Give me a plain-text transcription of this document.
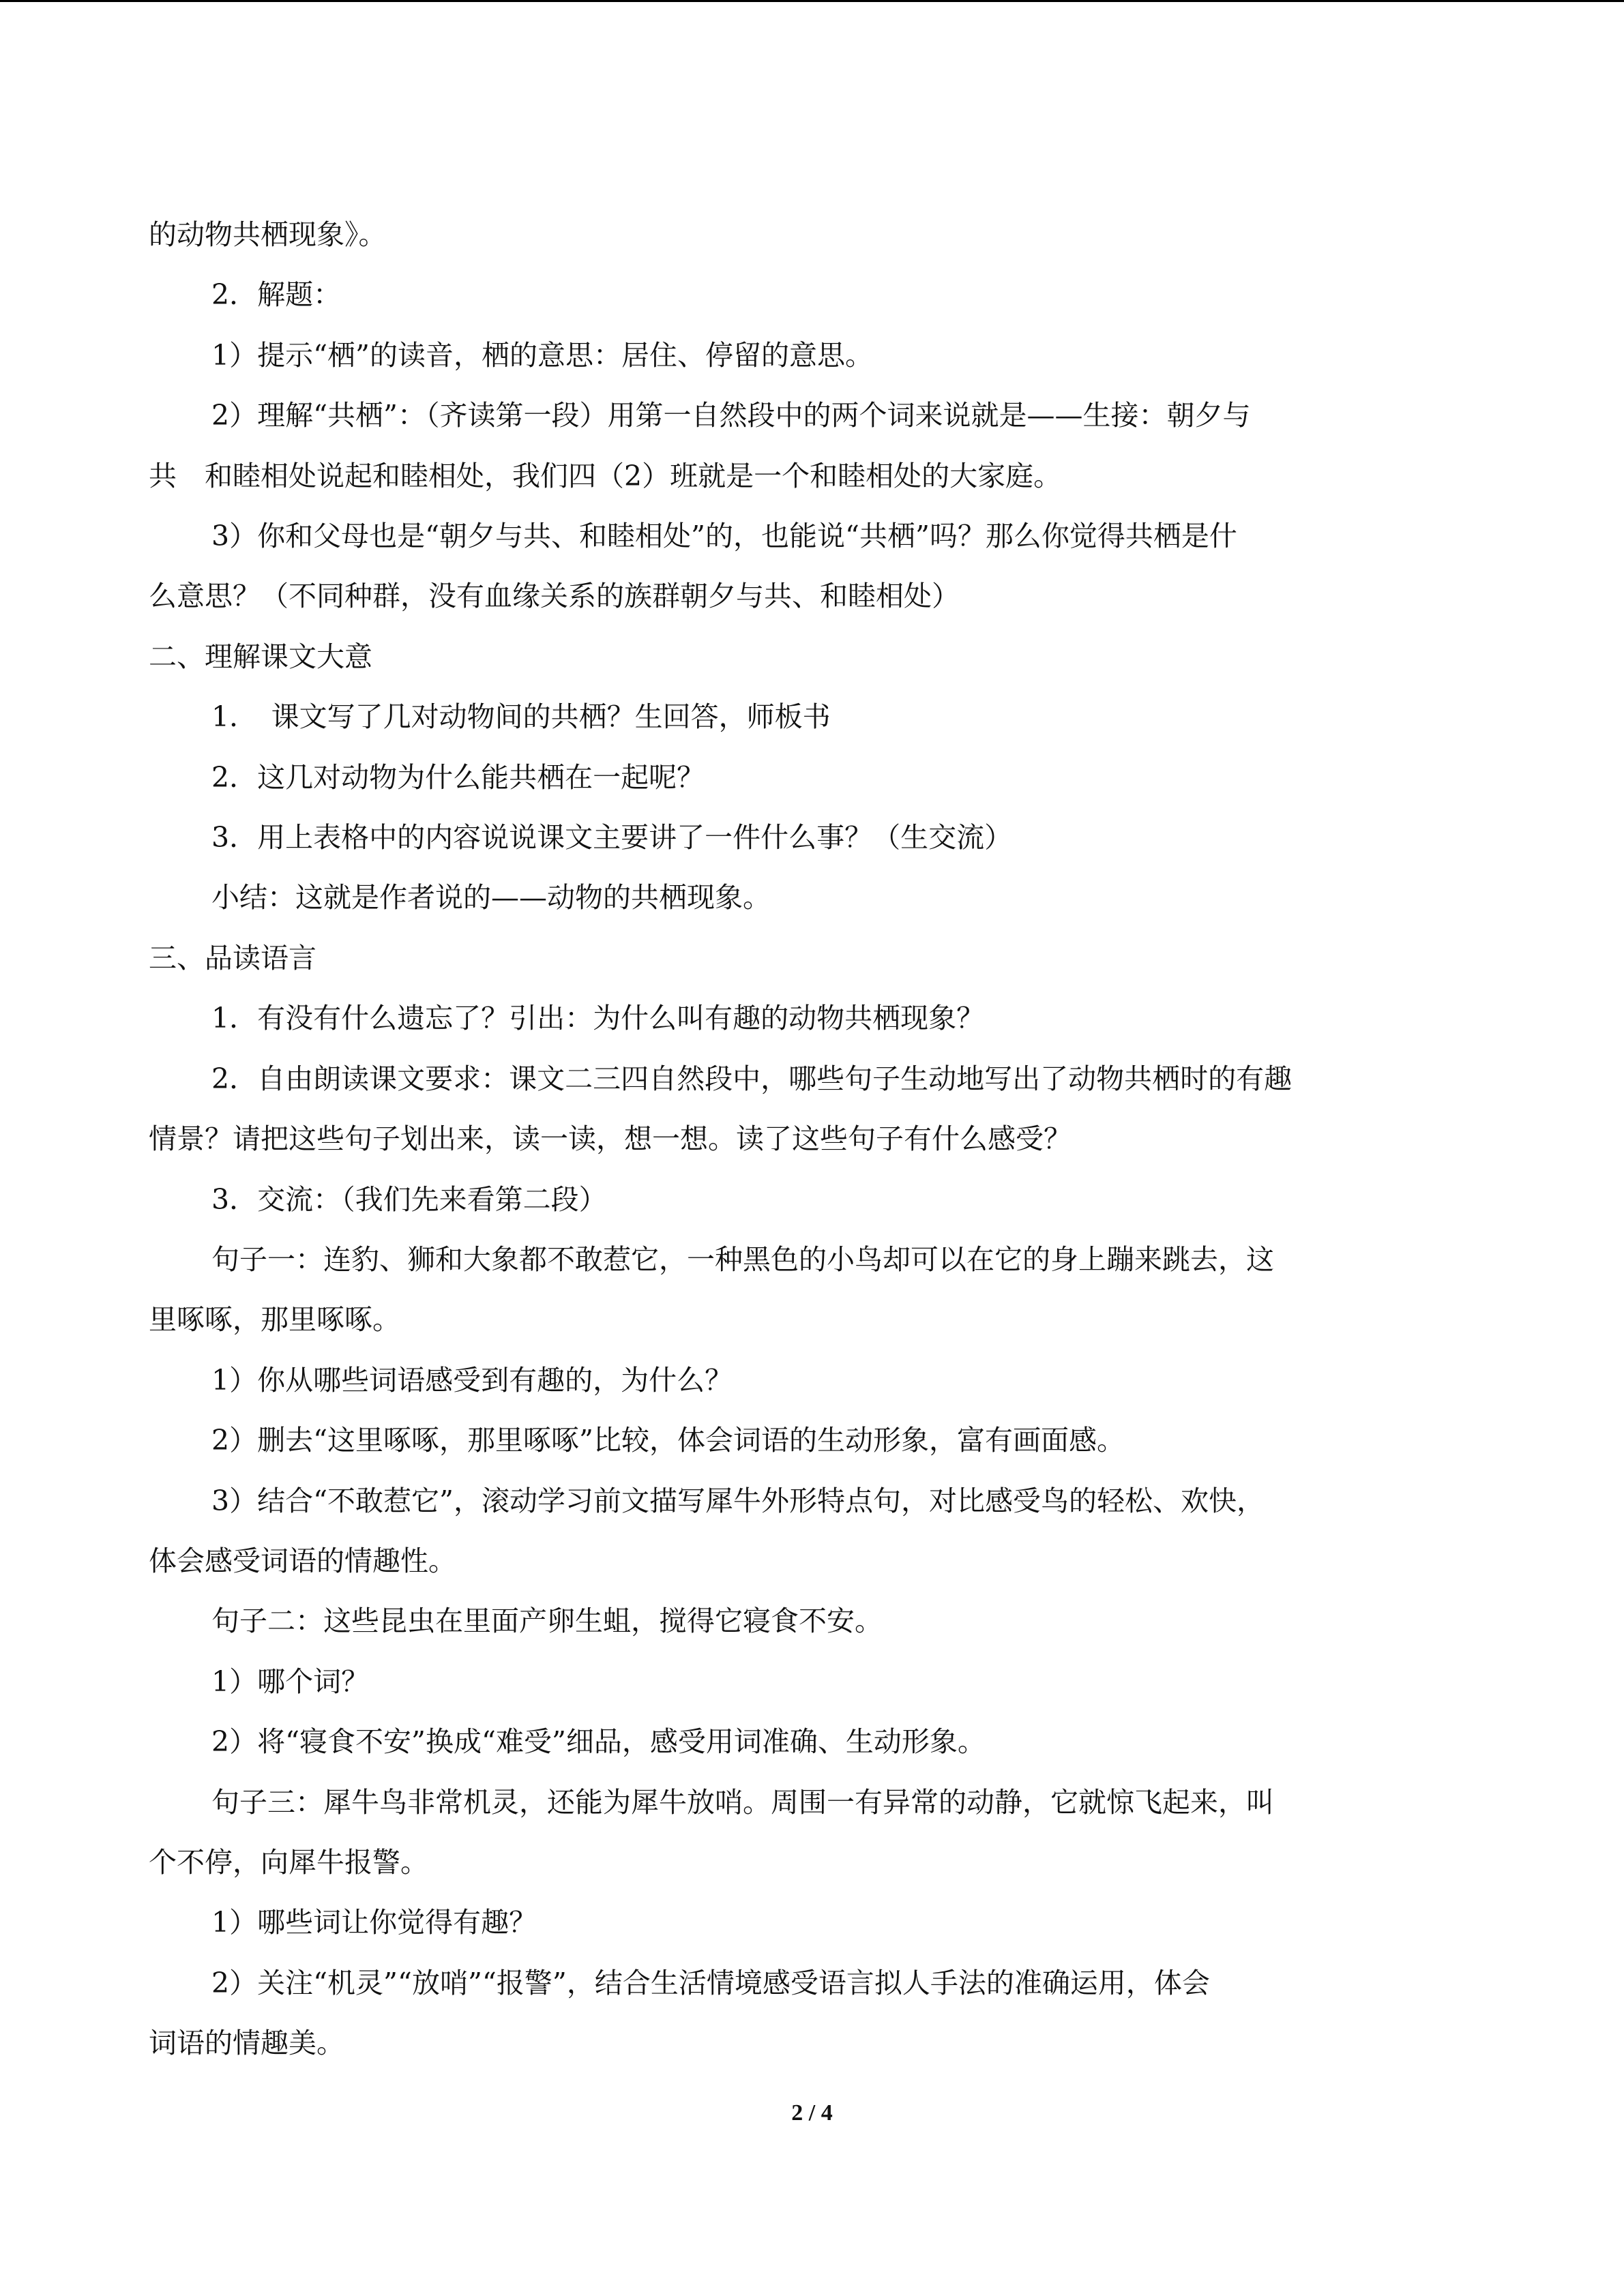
的动物共栖现象》。

2．解题：

1）提示“栖”的读音，栖的意思：居住、停留的意思。

2）理解“共栖”：（齐读第一段）用第一自然段中的两个词来说就是——生接：朝夕与

共　和睦相处说起和睦相处，我们四（2）班就是一个和睦相处的大家庭。

3）你和父母也是“朝夕与共、和睦相处”的，也能说“共栖”吗？那么你觉得共栖是什

么意思？（不同种群，没有血缘关系的族群朝夕与共、和睦相处）

二、理解课文大意

1．　课文写了几对动物间的共栖？生回答，师板书

2．这几对动物为什么能共栖在一起呢？

3．用上表格中的内容说说课文主要讲了一件什么事？（生交流）

小结：这就是作者说的——动物的共栖现象。

三、品读语言

1．有没有什么遗忘了？引出：为什么叫有趣的动物共栖现象？

2．自由朗读课文要求：课文二三四自然段中，哪些句子生动地写出了动物共栖时的有趣

情景？请把这些句子划出来，读一读，想一想。读了这些句子有什么感受？

3．交流：（我们先来看第二段）

句子一：连豹、狮和大象都不敢惹它，一种黑色的小鸟却可以在它的身上蹦来跳去，这

里啄啄，那里啄啄。

1）你从哪些词语感受到有趣的，为什么？

2）删去“这里啄啄，那里啄啄”比较，体会词语的生动形象，富有画面感。

3）结合“不敢惹它”，滚动学习前文描写犀牛外形特点句，对比感受鸟的轻松、欢快，

体会感受词语的情趣性。

句子二：这些昆虫在里面产卵生蛆，搅得它寝食不安。

1）哪个词？

2）将“寝食不安”换成“难受”细品，感受用词准确、生动形象。

句子三：犀牛鸟非常机灵，还能为犀牛放哨。周围一有异常的动静，它就惊飞起来，叫

个不停，向犀牛报警。

1）哪些词让你觉得有趣？

2）关注“机灵”“放哨”“报警”，结合生活情境感受语言拟人手法的准确运用，体会

词语的情趣美。

2 / 4
